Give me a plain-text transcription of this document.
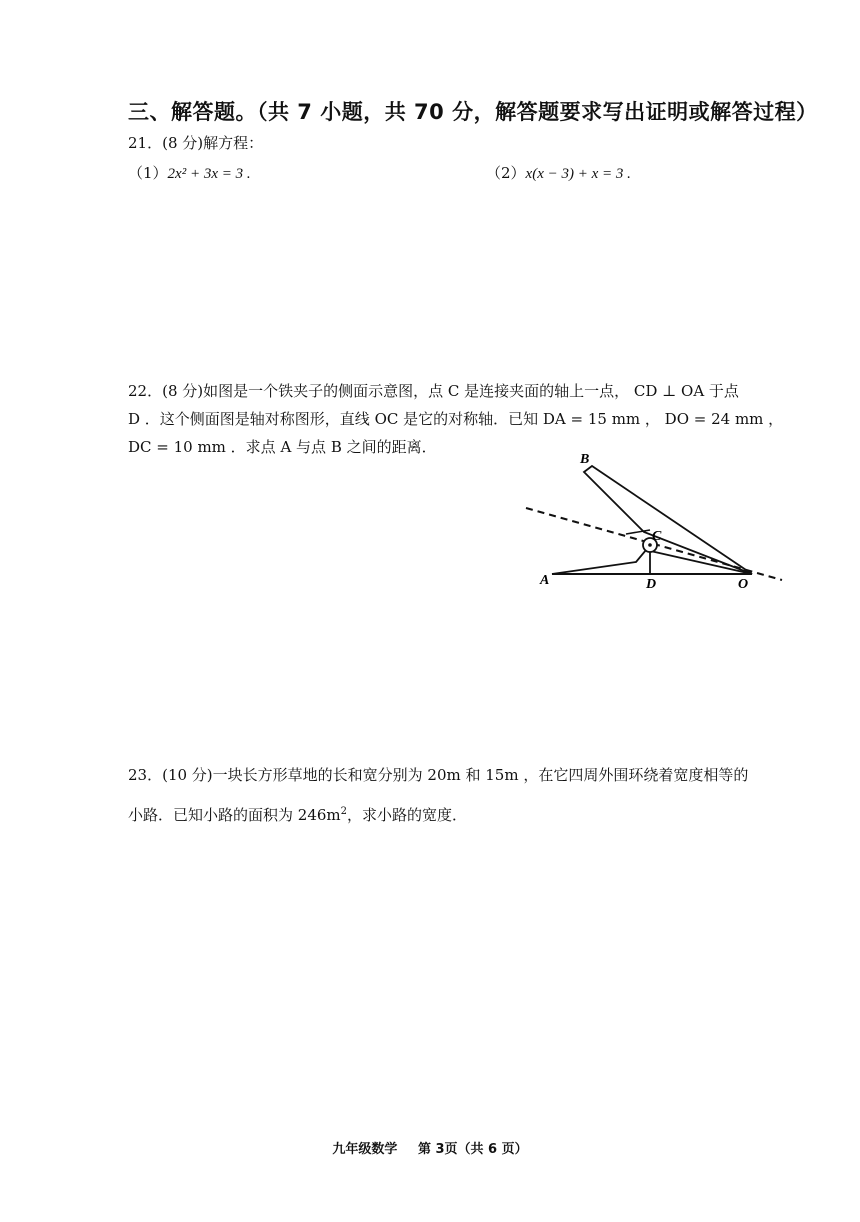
三、解答题。（共 7 小题，共 70 分，解答题要求写出证明或解答过程）
21．(8 分)解方程：
（1）2x² + 3x = 3 .	（2）x(x − 3) + x = 3 .
22．(8 分)如图是一个铁夹子的侧面示意图，点 C 是连接夹面的轴上一点， CD ⊥ OA 于点
D ．这个侧面图是轴对称图形，直线 OC 是它的对称轴．已知 DA = 15 mm ， DO = 24 mm ，
DC = 10 mm ．求点 A 与点 B 之间的距离．
B
C
A	D	O
23．(10 分)一块长方形草地的长和宽分别为 20m 和 15m ，在它四周外围环绕着宽度相等的
小路．已知小路的面积为 $246m^2$，求小路的宽度．
九年级数学 第 3页（共 6 页）
